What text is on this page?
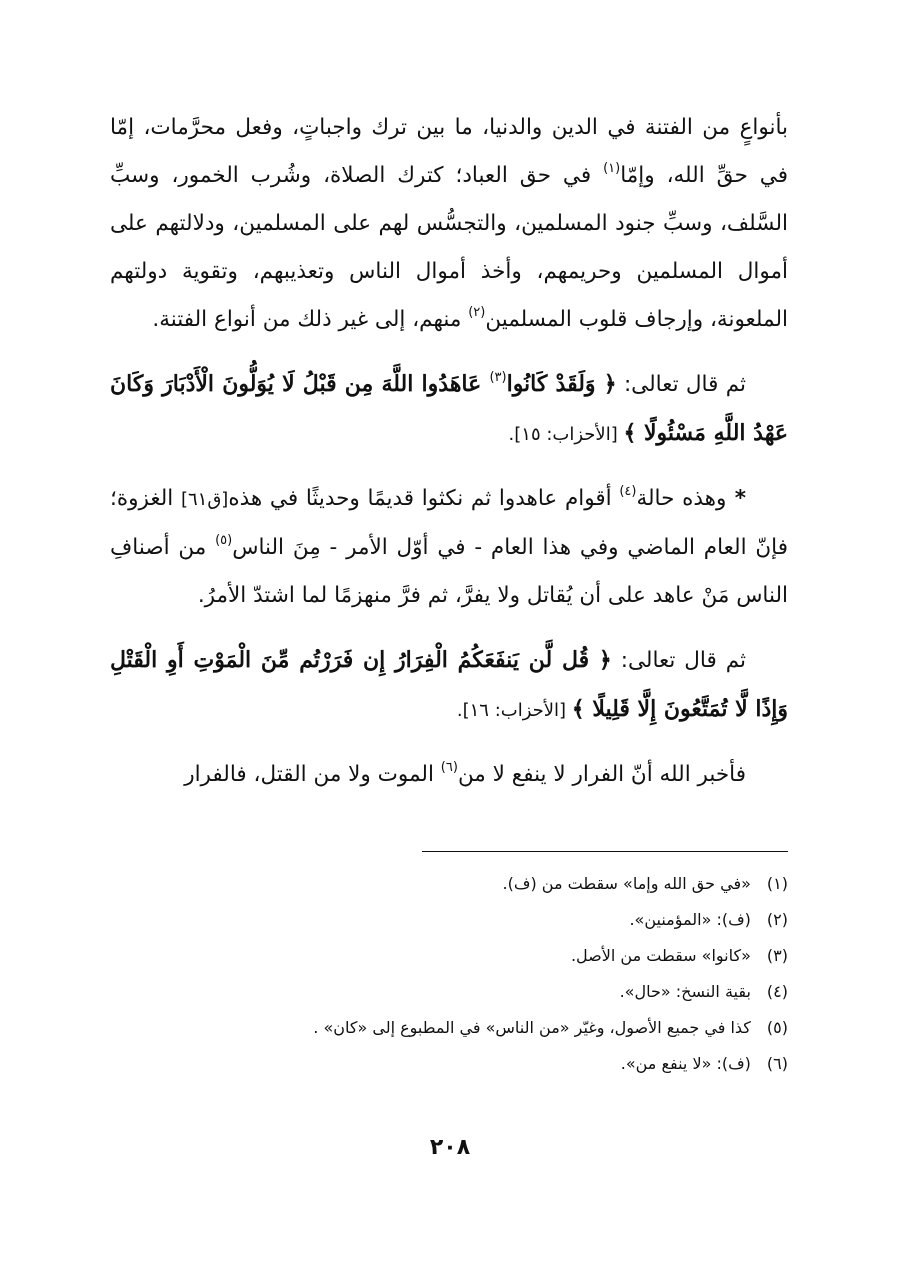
بأنواعٍ من الفتنة في الدين والدنيا، ما بين ترك واجباتٍ، وفعل محرَّمات، إمّا في حقِّ الله، وإمّا$^{(١)}$ في حق العباد؛ كترك الصلاة، وشُرب الخمور، وسبِّ السَّلف، وسبِّ جنود المسلمين، والتجسُّس لهم على المسلمين، ودلالتهم على أموال المسلمين وحريمهم، وأخذ أموال الناس وتعذيبهم، وتقوية دولتهم الملعونة، وإرجاف قلوب المسلمين$^{(٢)}$ منهم، إلى غير ذلك من أنواع الفتنة.

ثم قال تعالى: ﴿ وَلَقَدْ كَانُوا$^{(٣)}$ عَاهَدُوا اللَّهَ مِن قَبْلُ لَا يُوَلُّونَ الْأَدْبَارَ وَكَانَ عَهْدُ اللَّهِ مَسْئُولًا ﴾ [الأحزاب: ١٥].

* وهذه حالة$^{(٤)}$ أقوام عاهدوا ثم نكثوا قديمًا وحديثًا في هذه[ق٦١] الغزوة؛ فإنّ العام الماضي وفي هذا العام - في أوّل الأمر - مِنَ الناس$^{(٥)}$ من أصنافِ الناس مَنْ عاهد على أن يُقاتل ولا يفرَّ، ثم فرَّ منهزمًا لما اشتدّ الأمرُ.

ثم قال تعالى: ﴿ قُل لَّن يَنفَعَكُمُ الْفِرَارُ إِن فَرَرْتُم مِّنَ الْمَوْتِ أَوِ الْقَتْلِ وَإِذًا لَّا تُمَتَّعُونَ إِلَّا قَلِيلًا ﴾ [الأحزاب: ١٦].

فأخبر الله أنّ الفرار لا ينفع لا من$^{(٦)}$ الموت ولا من القتل، فالفرار

(١) «في حق الله وإما» سقطت من (ف).
(٢) (ف): «المؤمنين».
(٣) «كانوا» سقطت من الأصل.
(٤) بقية النسخ: «حال».
(٥) كذا في جميع الأصول، وغيّر «من الناس» في المطبوع إلى «كان» .
(٦) (ف): «لا ينفع من».
٢٠٨
